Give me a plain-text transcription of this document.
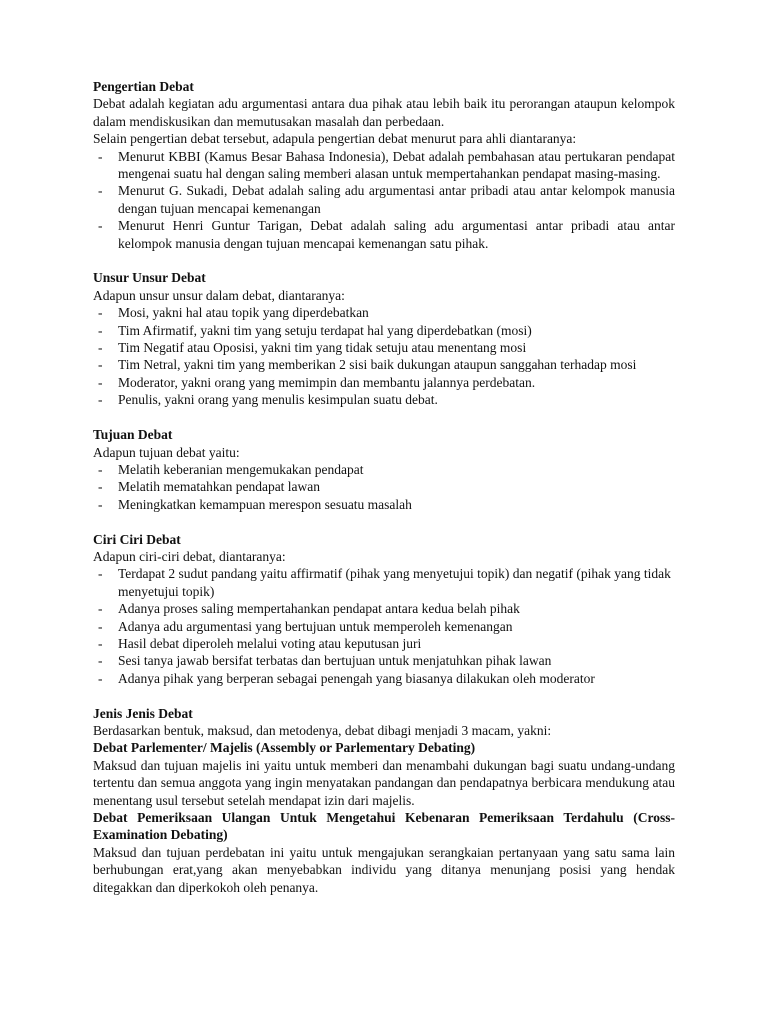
Pengertian Debat
Debat adalah kegiatan adu argumentasi antara dua pihak atau lebih baik itu perorangan ataupun kelompok dalam mendiskusikan dan memutusakan masalah dan perbedaan.
Selain pengertian debat tersebut, adapula pengertian debat menurut para ahli diantaranya:
- Menurut KBBI (Kamus Besar Bahasa Indonesia), Debat adalah pembahasan atau pertukaran pendapat mengenai suatu hal dengan saling memberi alasan untuk mempertahankan pendapat masing-masing.
- Menurut G. Sukadi, Debat adalah saling adu argumentasi antar pribadi atau antar kelompok manusia dengan tujuan mencapai kemenangan
- Menurut Henri Guntur Tarigan, Debat adalah saling adu argumentasi antar pribadi atau antar kelompok manusia dengan tujuan mencapai kemenangan satu pihak.
Unsur Unsur Debat
Adapun unsur unsur dalam debat, diantaranya:
- Mosi, yakni hal atau topik yang diperdebatkan
- Tim Afirmatif, yakni tim yang setuju terdapat hal yang diperdebatkan (mosi)
- Tim Negatif atau Oposisi, yakni tim yang tidak setuju atau menentang mosi
- Tim Netral, yakni tim yang memberikan 2 sisi baik dukungan ataupun sanggahan terhadap mosi
- Moderator, yakni orang yang memimpin dan membantu jalannya perdebatan.
- Penulis, yakni orang yang menulis kesimpulan suatu debat.
Tujuan Debat
Adapun tujuan debat yaitu:
- Melatih keberanian mengemukakan pendapat
- Melatih mematahkan pendapat lawan
- Meningkatkan kemampuan merespon sesuatu masalah
Ciri Ciri Debat
Adapun ciri-ciri debat, diantaranya:
- Terdapat 2 sudut pandang yaitu affirmatif (pihak yang menyetujui topik) dan negatif (pihak yang tidak menyetujui topik)
- Adanya proses saling mempertahankan pendapat antara kedua belah pihak
- Adanya adu argumentasi yang bertujuan untuk memperoleh kemenangan
- Hasil debat diperoleh melalui voting atau keputusan juri
- Sesi tanya jawab bersifat terbatas dan bertujuan untuk menjatuhkan pihak lawan
- Adanya pihak yang berperan sebagai penengah yang biasanya dilakukan oleh moderator
Jenis Jenis Debat
Berdasarkan bentuk, maksud, dan metodenya, debat dibagi menjadi 3 macam, yakni:
Debat Parlementer/ Majelis (Assembly or Parlementary Debating)
Maksud dan tujuan majelis ini yaitu untuk memberi dan menambahi dukungan bagi suatu undang-undang tertentu dan semua anggota yang ingin menyatakan pandangan dan pendapatnya berbicara mendukung atau menentang usul tersebut setelah mendapat izin dari majelis.
Debat Pemeriksaan Ulangan Untuk Mengetahui Kebenaran Pemeriksaan Terdahulu (Cross-Examination Debating)
Maksud dan tujuan perdebatan ini yaitu untuk mengajukan serangkaian pertanyaan yang satu sama lain berhubungan erat,yang akan menyebabkan individu yang ditanya menunjang posisi yang hendak ditegakkan dan diperkokoh oleh penanya.
